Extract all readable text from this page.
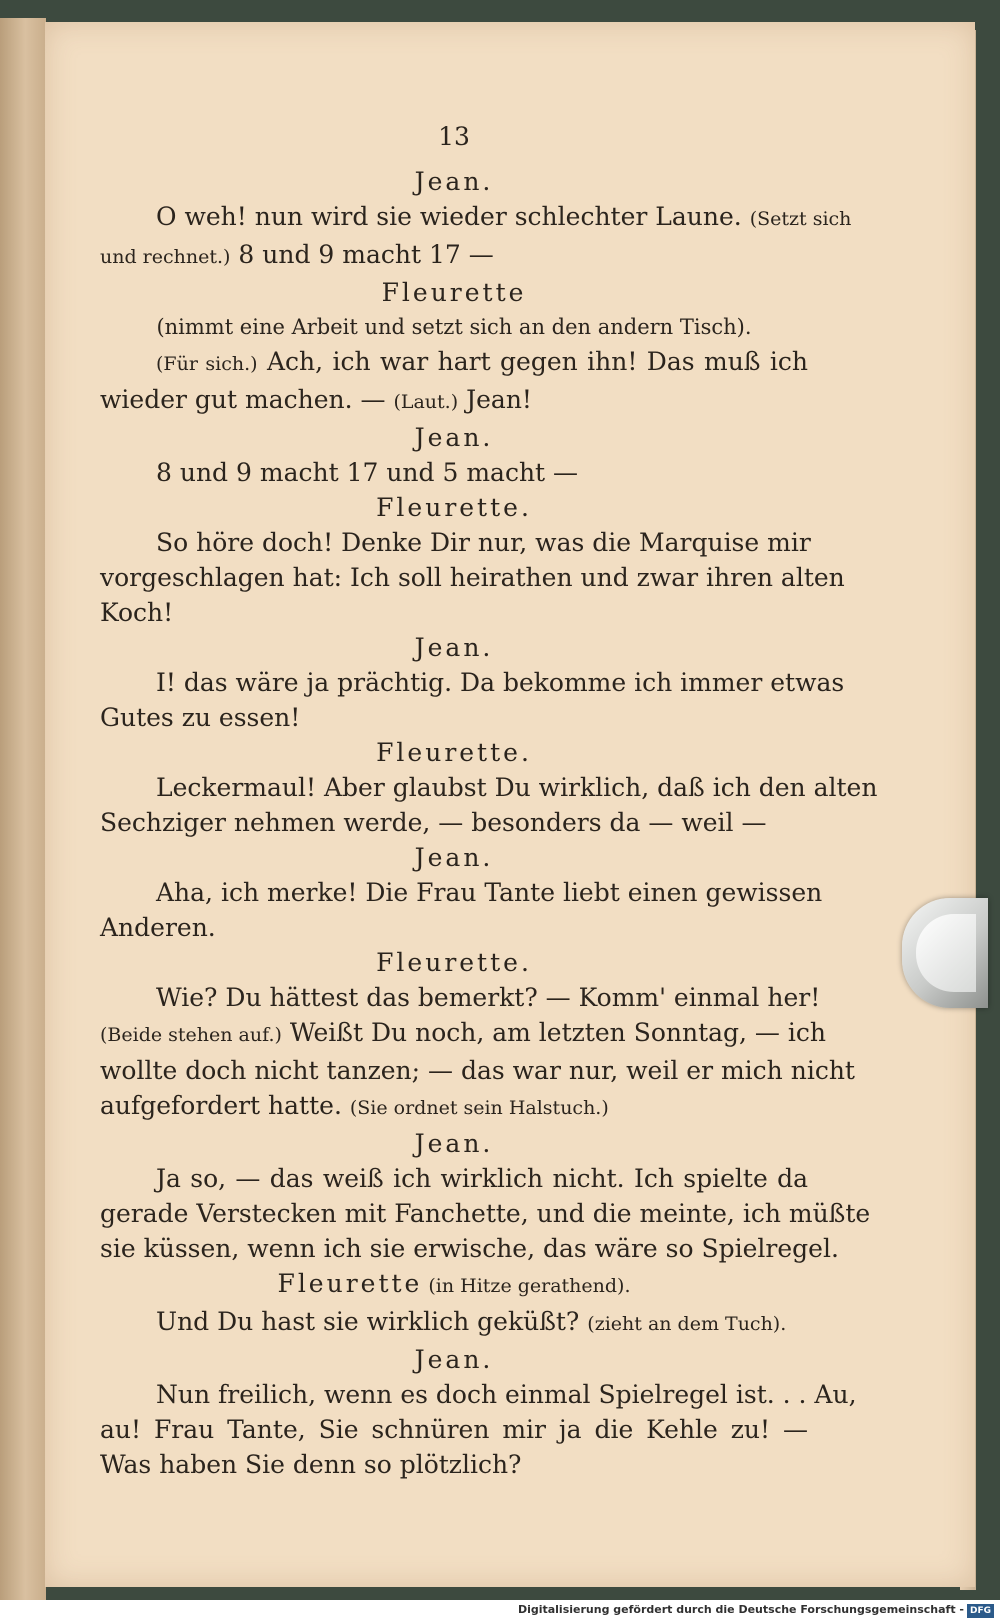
13
Jean.
O weh! nun wird sie wieder schlechter Laune. (Setzt sich
und rechnet.) 8 und 9 macht 17 —
Fleurette
(nimmt eine Arbeit und setzt sich an den andern Tisch).
(Für sich.) Ach, ich war hart gegen ihn! Das muß ich
wieder gut machen. — (Laut.) Jean!
Jean.
8 und 9 macht 17 und 5 macht —
Fleurette.
So höre doch! Denke Dir nur, was die Marquise mir
vorgeschlagen hat: Ich soll heirathen und zwar ihren alten
Koch!
Jean.
I! das wäre ja prächtig. Da bekomme ich immer etwas
Gutes zu essen!
Fleurette.
Leckermaul! Aber glaubst Du wirklich, daß ich den alten
Sechziger nehmen werde, — besonders da — weil —
Jean.
Aha, ich merke! Die Frau Tante liebt einen gewissen
Anderen.
Fleurette.
Wie? Du hättest das bemerkt? — Komm' einmal her!
(Beide stehen auf.) Weißt Du noch, am letzten Sonntag, — ich
wollte doch nicht tanzen; — das war nur, weil er mich nicht
aufgefordert hatte. (Sie ordnet sein Halstuch.)
Jean.
Ja so, — das weiß ich wirklich nicht. Ich spielte da
gerade Verstecken mit Fanchette, und die meinte, ich müßte
sie küssen, wenn ich sie erwische, das wäre so Spielregel.
Fleurette (in Hitze gerathend).
Und Du hast sie wirklich geküßt? (zieht an dem Tuch).
Jean.
Nun freilich, wenn es doch einmal Spielregel ist. . . Au,
au! Frau Tante, Sie schnüren mir ja die Kehle zu! —
Was haben Sie denn so plötzlich?
Digitalisierung gefördert durch die Deutsche Forschungsgemeinschaft - DFG
